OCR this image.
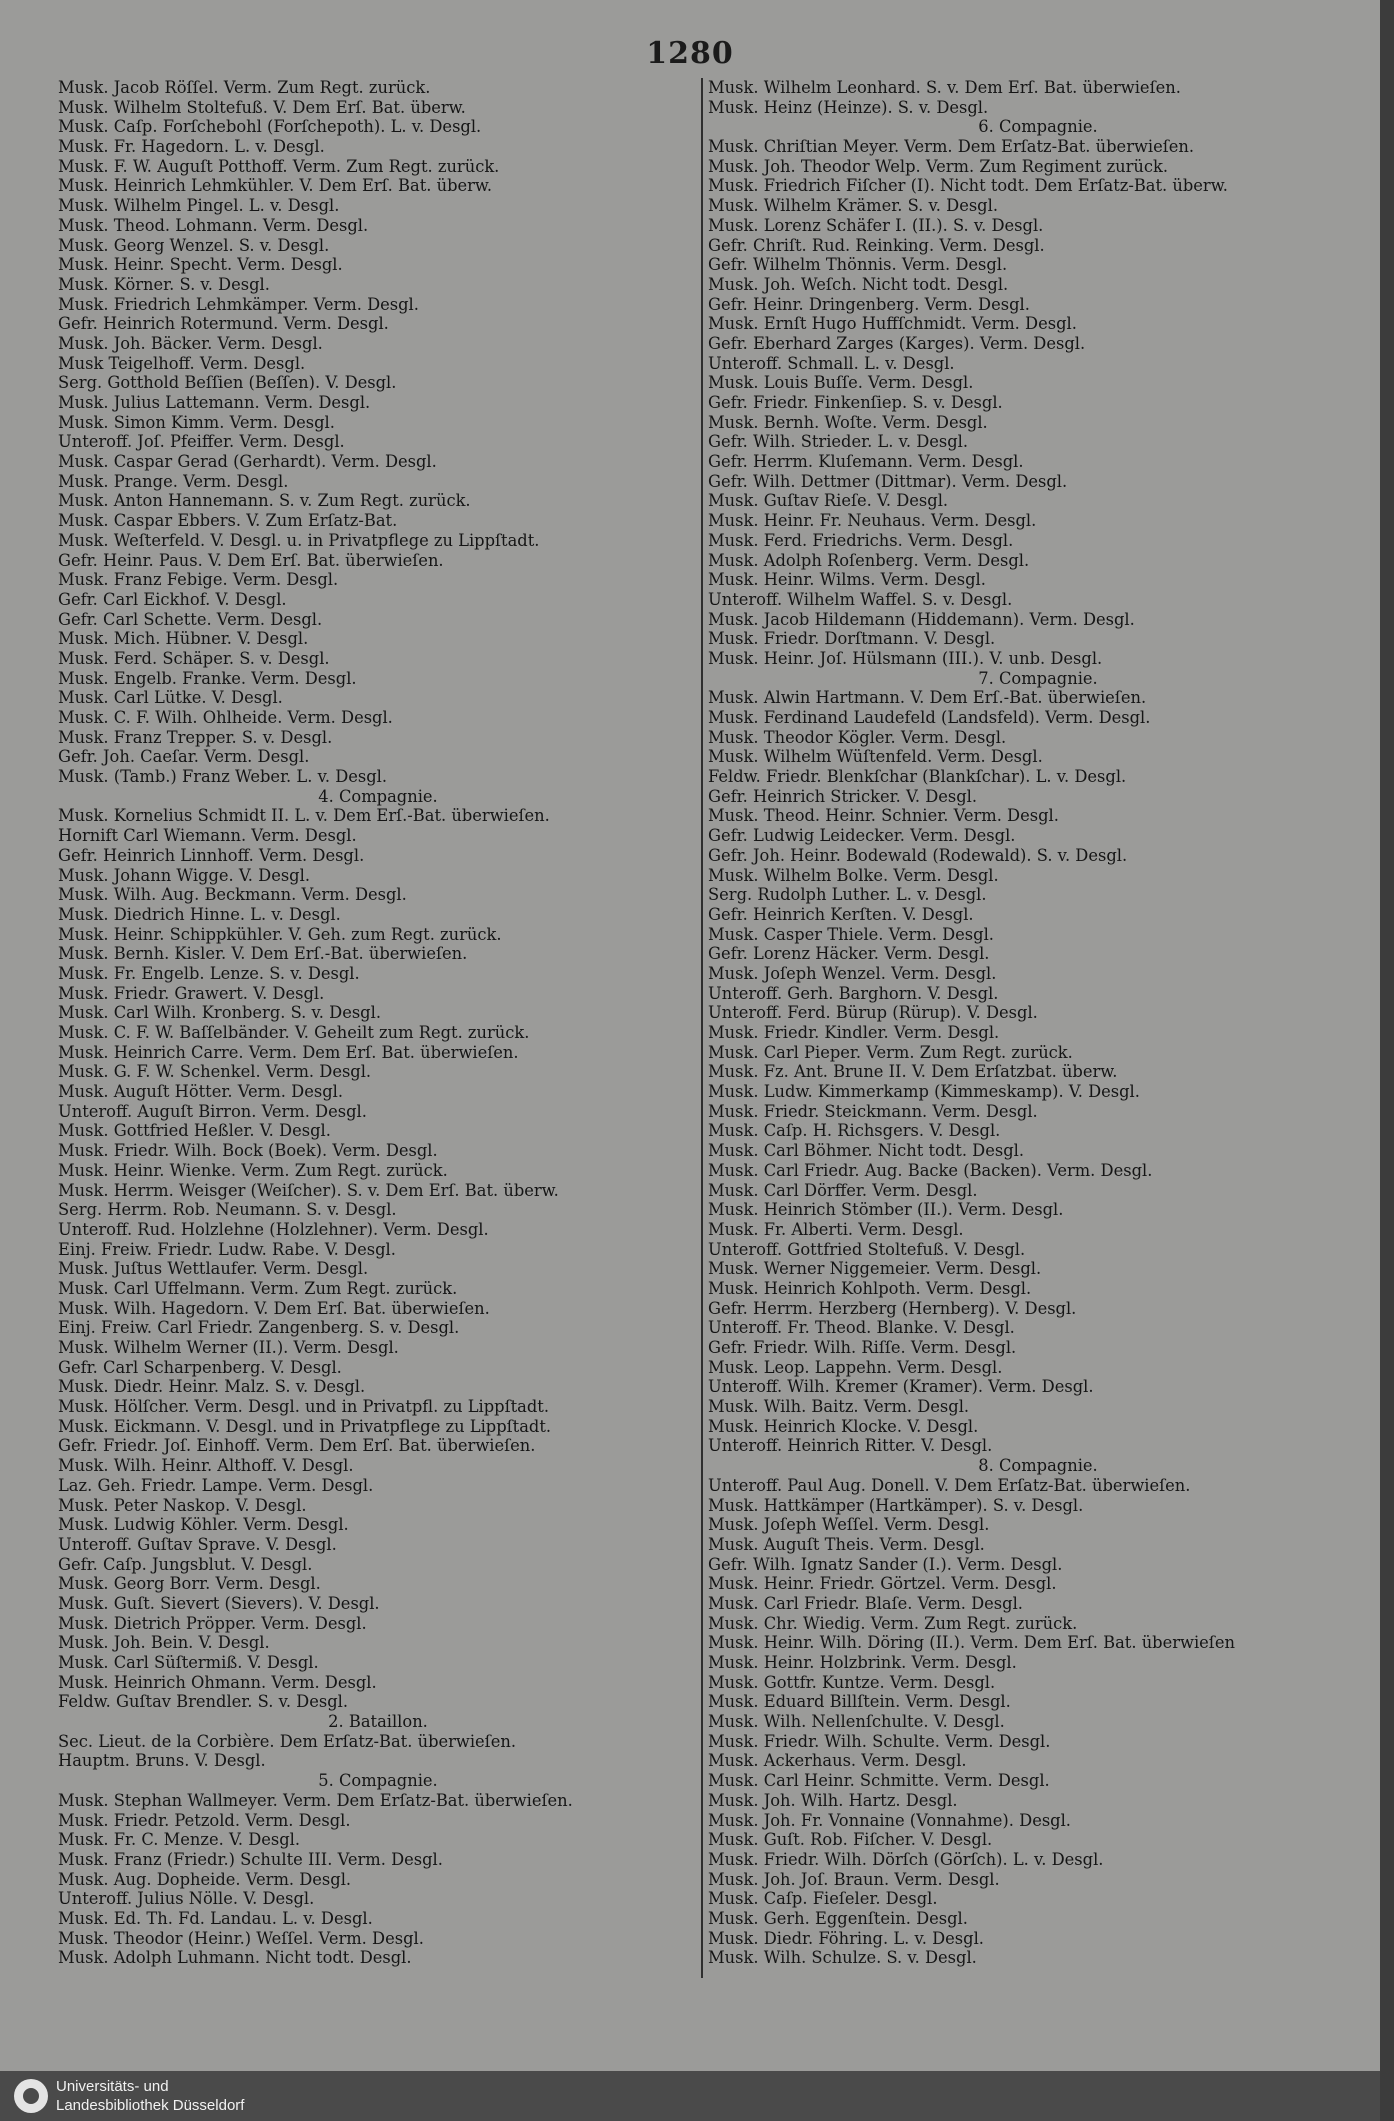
1280
Musk. Jacob Röſſel. Verm. Zum Regt. zurück.
Musk. Wilhelm Stoltefuß. V. Dem Erſ. Bat. überw.
Musk. Caſp. Forſchebohl (Forſchepoth). L. v. Desgl.
Musk. Fr. Hagedorn. L. v. Desgl.
Musk. F. W. Auguſt Potthoff. Verm. Zum Regt. zurück.
Musk. Heinrich Lehmkühler. V. Dem Erſ. Bat. überw.
Musk. Wilhelm Pingel. L. v. Desgl.
Musk. Theod. Lohmann. Verm. Desgl.
Musk. Georg Wenzel. S. v. Desgl.
Musk. Heinr. Specht. Verm. Desgl.
Musk. Körner. S. v. Desgl.
Musk. Friedrich Lehmkämper. Verm. Desgl.
Gefr. Heinrich Rotermund. Verm. Desgl.
Musk. Joh. Bäcker. Verm. Desgl.
Musk Teigelhoff. Verm. Desgl.
Serg. Gotthold Beſſien (Beſſen). V. Desgl.
Musk. Julius Lattemann. Verm. Desgl.
Musk. Simon Kimm. Verm. Desgl.
Unteroff. Joſ. Pfeiffer. Verm. Desgl.
Musk. Caspar Gerad (Gerhardt). Verm. Desgl.
Musk. Prange. Verm. Desgl.
Musk. Anton Hannemann. S. v. Zum Regt. zurück.
Musk. Caspar Ebbers. V. Zum Erſatz-Bat.
Musk. Weſterfeld. V. Desgl. u. in Privatpflege zu Lippſtadt.
Gefr. Heinr. Paus. V. Dem Erſ. Bat. überwieſen.
Musk. Franz Febige. Verm. Desgl.
Gefr. Carl Eickhof. V. Desgl.
Gefr. Carl Schette. Verm. Desgl.
Musk. Mich. Hübner. V. Desgl.
Musk. Ferd. Schäper. S. v. Desgl.
Musk. Engelb. Franke. Verm. Desgl.
Musk. Carl Lütke. V. Desgl.
Musk. C. F. Wilh. Ohlheide. Verm. Desgl.
Musk. Franz Trepper. S. v. Desgl.
Gefr. Joh. Caeſar. Verm. Desgl.
Musk. (Tamb.) Franz Weber. L. v. Desgl.
4. Compagnie.
Musk. Kornelius Schmidt II. L. v. Dem Erſ.-Bat. überwieſen.
Hornift Carl Wiemann. Verm. Desgl.
Gefr. Heinrich Linnhoff. Verm. Desgl.
Musk. Johann Wigge. V. Desgl.
Musk. Wilh. Aug. Beckmann. Verm. Desgl.
Musk. Diedrich Hinne. L. v. Desgl.
Musk. Heinr. Schippkühler. V. Geh. zum Regt. zurück.
Musk. Bernh. Kisler. V. Dem Erſ.-Bat. überwieſen.
Musk. Fr. Engelb. Lenze. S. v. Desgl.
Musk. Friedr. Grawert. V. Desgl.
Musk. Carl Wilh. Kronberg. S. v. Desgl.
Musk. C. F. W. Baſſelbänder. V. Geheilt zum Regt. zurück.
Musk. Heinrich Carre. Verm. Dem Erſ. Bat. überwieſen.
Musk. G. F. W. Schenkel. Verm. Desgl.
Musk. Auguſt Hötter. Verm. Desgl.
Unteroff. Auguſt Birron. Verm. Desgl.
Musk. Gottfried Heßler. V. Desgl.
Musk. Friedr. Wilh. Bock (Boek). Verm. Desgl.
Musk. Heinr. Wienke. Verm. Zum Regt. zurück.
Musk. Herrm. Weisger (Weiſcher). S. v. Dem Erſ. Bat. überw.
Serg. Herrm. Rob. Neumann. S. v. Desgl.
Unteroff. Rud. Holzlehne (Holzlehner). Verm. Desgl.
Einj. Freiw. Friedr. Ludw. Rabe. V. Desgl.
Musk. Juſtus Wettlaufer. Verm. Desgl.
Musk. Carl Uffelmann. Verm. Zum Regt. zurück.
Musk. Wilh. Hagedorn. V. Dem Erſ. Bat. überwieſen.
Einj. Freiw. Carl Friedr. Zangenberg. S. v. Desgl.
Musk. Wilhelm Werner (II.). Verm. Desgl.
Gefr. Carl Scharpenberg. V. Desgl.
Musk. Diedr. Heinr. Malz. S. v. Desgl.
Musk. Hölſcher. Verm. Desgl. und in Privatpfl. zu Lippſtadt.
Musk. Eickmann. V. Desgl. und in Privatpflege zu Lippſtadt.
Gefr. Friedr. Joſ. Einhoff. Verm. Dem Erſ. Bat. überwieſen.
Musk. Wilh. Heinr. Althoff. V. Desgl.
Laz. Geh. Friedr. Lampe. Verm. Desgl.
Musk. Peter Naskop. V. Desgl.
Musk. Ludwig Köhler. Verm. Desgl.
Unteroff. Guſtav Sprave. V. Desgl.
Gefr. Caſp. Jungsblut. V. Desgl.
Musk. Georg Borr. Verm. Desgl.
Musk. Guſt. Sievert (Sievers). V. Desgl.
Musk. Dietrich Pröpper. Verm. Desgl.
Musk. Joh. Bein. V. Desgl.
Musk. Carl Süſtermiß. V. Desgl.
Musk. Heinrich Ohmann. Verm. Desgl.
Feldw. Guſtav Brendler. S. v. Desgl.
2. Bataillon.
Sec. Lieut. de la Corbière. Dem Erſatz-Bat. überwieſen.
Hauptm. Bruns. V. Desgl.
5. Compagnie.
Musk. Stephan Wallmeyer. Verm. Dem Erſatz-Bat. überwieſen.
Musk. Friedr. Petzold. Verm. Desgl.
Musk. Fr. C. Menze. V. Desgl.
Musk. Franz (Friedr.) Schulte III. Verm. Desgl.
Musk. Aug. Dopheide. Verm. Desgl.
Unteroff. Julius Nölle. V. Desgl.
Musk. Ed. Th. Fd. Landau. L. v. Desgl.
Musk. Theodor (Heinr.) Weſſel. Verm. Desgl.
Musk. Adolph Luhmann. Nicht todt. Desgl.
Musk. Wilhelm Leonhard. S. v. Dem Erſ. Bat. überwieſen.
Musk. Heinz (Heinze). S. v. Desgl.
6. Compagnie.
Musk. Chriſtian Meyer. Verm. Dem Erſatz-Bat. überwieſen.
Musk. Joh. Theodor Welp. Verm. Zum Regiment zurück.
Musk. Friedrich Fiſcher (I). Nicht todt. Dem Erſatz-Bat. überw.
Musk. Wilhelm Krämer. S. v. Desgl.
Musk. Lorenz Schäfer I. (II.). S. v. Desgl.
Gefr. Chriſt. Rud. Reinking. Verm. Desgl.
Gefr. Wilhelm Thönnis. Verm. Desgl.
Musk. Joh. Weſch. Nicht todt. Desgl.
Gefr. Heinr. Dringenberg. Verm. Desgl.
Musk. Ernſt Hugo Huffſchmidt. Verm. Desgl.
Gefr. Eberhard Zarges (Karges). Verm. Desgl.
Unteroff. Schmall. L. v. Desgl.
Musk. Louis Buſſe. Verm. Desgl.
Gefr. Friedr. Finkenſiep. S. v. Desgl.
Musk. Bernh. Woſte. Verm. Desgl.
Gefr. Wilh. Strieder. L. v. Desgl.
Gefr. Herrm. Kluſemann. Verm. Desgl.
Gefr. Wilh. Dettmer (Dittmar). Verm. Desgl.
Musk. Guſtav Rieſe. V. Desgl.
Musk. Heinr. Fr. Neuhaus. Verm. Desgl.
Musk. Ferd. Friedrichs. Verm. Desgl.
Musk. Adolph Roſenberg. Verm. Desgl.
Musk. Heinr. Wilms. Verm. Desgl.
Unteroff. Wilhelm Waffel. S. v. Desgl.
Musk. Jacob Hildemann (Hiddemann). Verm. Desgl.
Musk. Friedr. Dorſtmann. V. Desgl.
Musk. Heinr. Joſ. Hülsmann (III.). V. unb. Desgl.
7. Compagnie.
Musk. Alwin Hartmann. V. Dem Erſ.-Bat. überwieſen.
Musk. Ferdinand Laudefeld (Landsfeld). Verm. Desgl.
Musk. Theodor Kögler. Verm. Desgl.
Musk. Wilhelm Wüſtenfeld. Verm. Desgl.
Feldw. Friedr. Blenkſchar (Blankſchar). L. v. Desgl.
Gefr. Heinrich Stricker. V. Desgl.
Musk. Theod. Heinr. Schnier. Verm. Desgl.
Gefr. Ludwig Leidecker. Verm. Desgl.
Gefr. Joh. Heinr. Bodewald (Rodewald). S. v. Desgl.
Musk. Wilhelm Bolke. Verm. Desgl.
Serg. Rudolph Luther. L. v. Desgl.
Gefr. Heinrich Kerſten. V. Desgl.
Musk. Casper Thiele. Verm. Desgl.
Gefr. Lorenz Häcker. Verm. Desgl.
Musk. Joſeph Wenzel. Verm. Desgl.
Unteroff. Gerh. Barghorn. V. Desgl.
Unteroff. Ferd. Bürup (Rürup). V. Desgl.
Musk. Friedr. Kindler. Verm. Desgl.
Musk. Carl Pieper. Verm. Zum Regt. zurück.
Musk. Fz. Ant. Brune II. V. Dem Erſatzbat. überw.
Musk. Ludw. Kimmerkamp (Kimmeskamp). V. Desgl.
Musk. Friedr. Steickmann. Verm. Desgl.
Musk. Caſp. H. Richsgers. V. Desgl.
Musk. Carl Böhmer. Nicht todt. Desgl.
Musk. Carl Friedr. Aug. Backe (Backen). Verm. Desgl.
Musk. Carl Dörffer. Verm. Desgl.
Musk. Heinrich Stömber (II.). Verm. Desgl.
Musk. Fr. Alberti. Verm. Desgl.
Unteroff. Gottfried Stoltefuß. V. Desgl.
Musk. Werner Niggemeier. Verm. Desgl.
Musk. Heinrich Kohlpoth. Verm. Desgl.
Gefr. Herrm. Herzberg (Hernberg). V. Desgl.
Unteroff. Fr. Theod. Blanke. V. Desgl.
Gefr. Friedr. Wilh. Riſſe. Verm. Desgl.
Musk. Leop. Lappehn. Verm. Desgl.
Unteroff. Wilh. Kremer (Kramer). Verm. Desgl.
Musk. Wilh. Baitz. Verm. Desgl.
Musk. Heinrich Klocke. V. Desgl.
Unteroff. Heinrich Ritter. V. Desgl.
8. Compagnie.
Unteroff. Paul Aug. Donell. V. Dem Erſatz-Bat. überwieſen.
Musk. Hattkämper (Hartkämper). S. v. Desgl.
Musk. Joſeph Weſſel. Verm. Desgl.
Musk. Auguſt Theis. Verm. Desgl.
Gefr. Wilh. Ignatz Sander (I.). Verm. Desgl.
Musk. Heinr. Friedr. Görtzel. Verm. Desgl.
Musk. Carl Friedr. Blaſe. Verm. Desgl.
Musk. Chr. Wiedig. Verm. Zum Regt. zurück.
Musk. Heinr. Wilh. Döring (II.). Verm. Dem Erſ. Bat. überwieſen
Musk. Heinr. Holzbrink. Verm. Desgl.
Musk. Gottfr. Kuntze. Verm. Desgl.
Musk. Eduard Billſtein. Verm. Desgl.
Musk. Wilh. Nellenſchulte. V. Desgl.
Musk. Friedr. Wilh. Schulte. Verm. Desgl.
Musk. Ackerhaus. Verm. Desgl.
Musk. Carl Heinr. Schmitte. Verm. Desgl.
Musk. Joh. Wilh. Hartz. Desgl.
Musk. Joh. Fr. Vonnaine (Vonnahme). Desgl.
Musk. Guſt. Rob. Fiſcher. V. Desgl.
Musk. Friedr. Wilh. Dörſch (Görſch). L. v. Desgl.
Musk. Joh. Joſ. Braun. Verm. Desgl.
Musk. Caſp. Fieſeler. Desgl.
Musk. Gerh. Eggenſtein. Desgl.
Musk. Diedr. Föhring. L. v. Desgl.
Musk. Wilh. Schulze. S. v. Desgl.
Universitäts- und
Landesbibliothek Düsseldorf
